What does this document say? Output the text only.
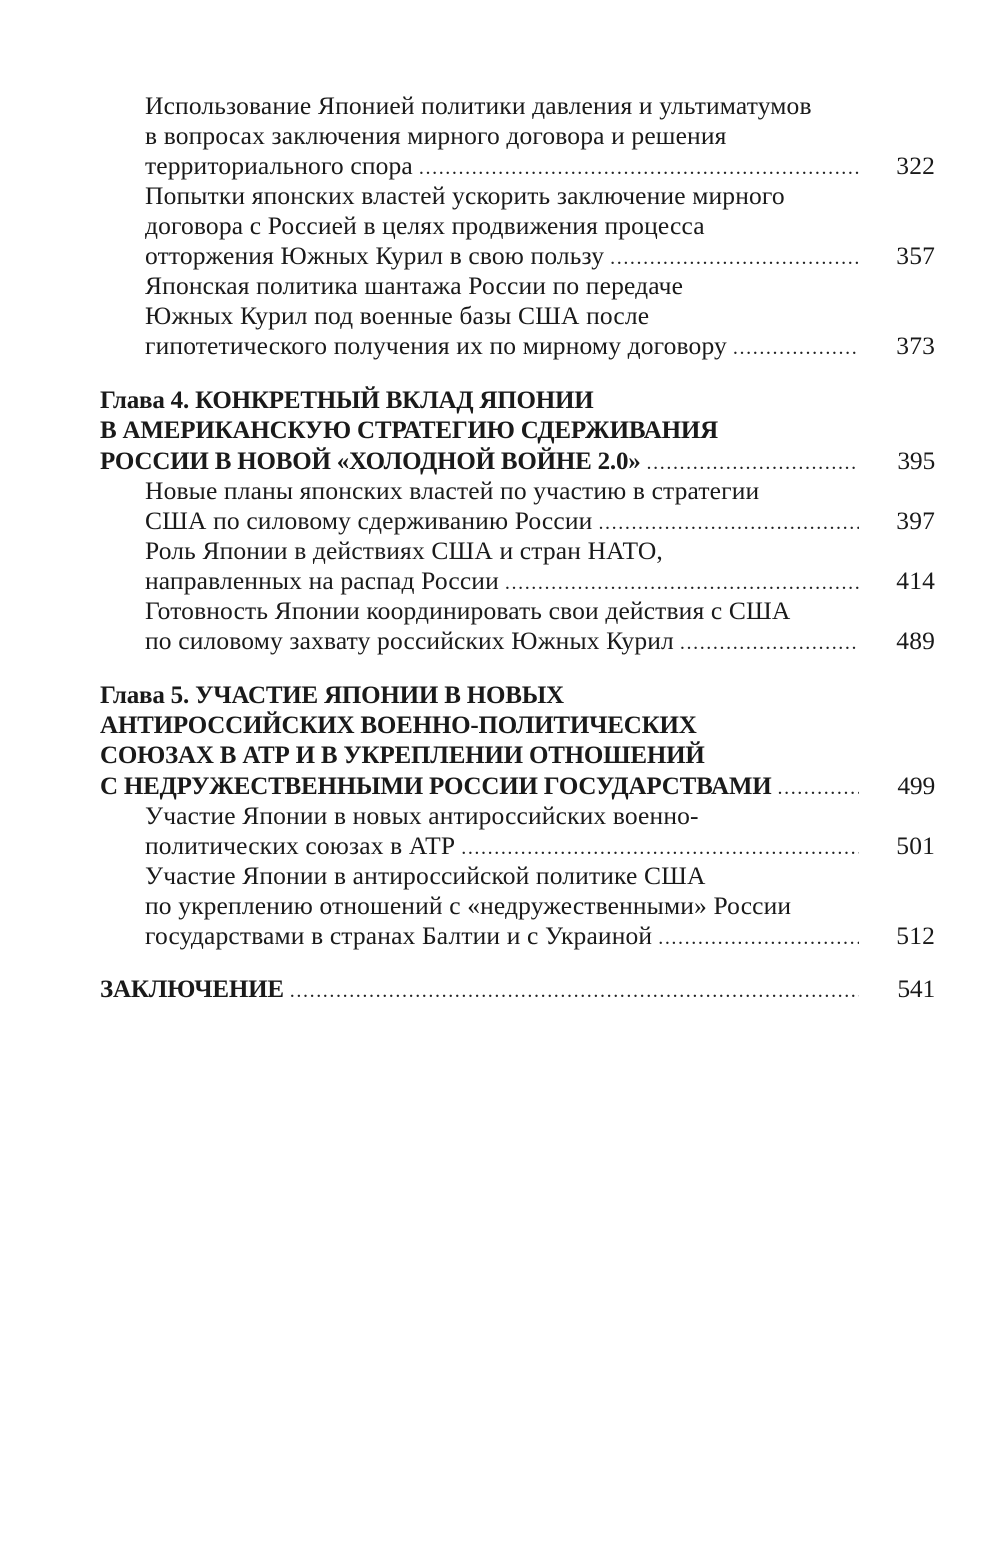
Использование Японией политики давления и ультиматумов
в вопросах заключения мирного договора и решения
территориального спора .....	322
Попытки японских властей ускорить заключение мирного
договора с Россией в целях продвижения процесса
отторжения Южных Курил в свою пользу .....	357
Японская политика шантажа России по передаче
Южных Курил под военные базы США после
гипотетического получения их по мирному договору .....	373
Глава 4. КОНКРЕТНЫЙ ВКЛАД ЯПОНИИ
В АМЕРИКАНСКУЮ СТРАТЕГИЮ СДЕРЖИВАНИЯ
РОССИИ В НОВОЙ «ХОЛОДНОЙ ВОЙНЕ 2.0» .....	395
Новые планы японских властей по участию в стратегии
США по силовому сдерживанию России .....	397
Роль Японии в действиях США и стран НАТО,
направленных на распад России .....	414
Готовность Японии координировать свои действия с США
по силовому захвату российских Южных Курил .....	489
Глава 5. УЧАСТИЕ ЯПОНИИ В НОВЫХ
АНТИРОССИЙСКИХ ВОЕННО-ПОЛИТИЧЕСКИХ
СОЮЗАХ В АТР И В УКРЕПЛЕНИИ ОТНОШЕНИЙ
С НЕДРУЖЕСТВЕННЫМИ РОССИИ ГОСУДАРСТВАМИ .....	499
Участие Японии в новых антироссийских военно-
политических союзах в АТР .....	501
Участие Японии в антироссийской политике США
по укреплению отношений с «недружественными» России
государствами в странах Балтии и с Украиной .....	512
ЗАКЛЮЧЕНИЕ .....	541
